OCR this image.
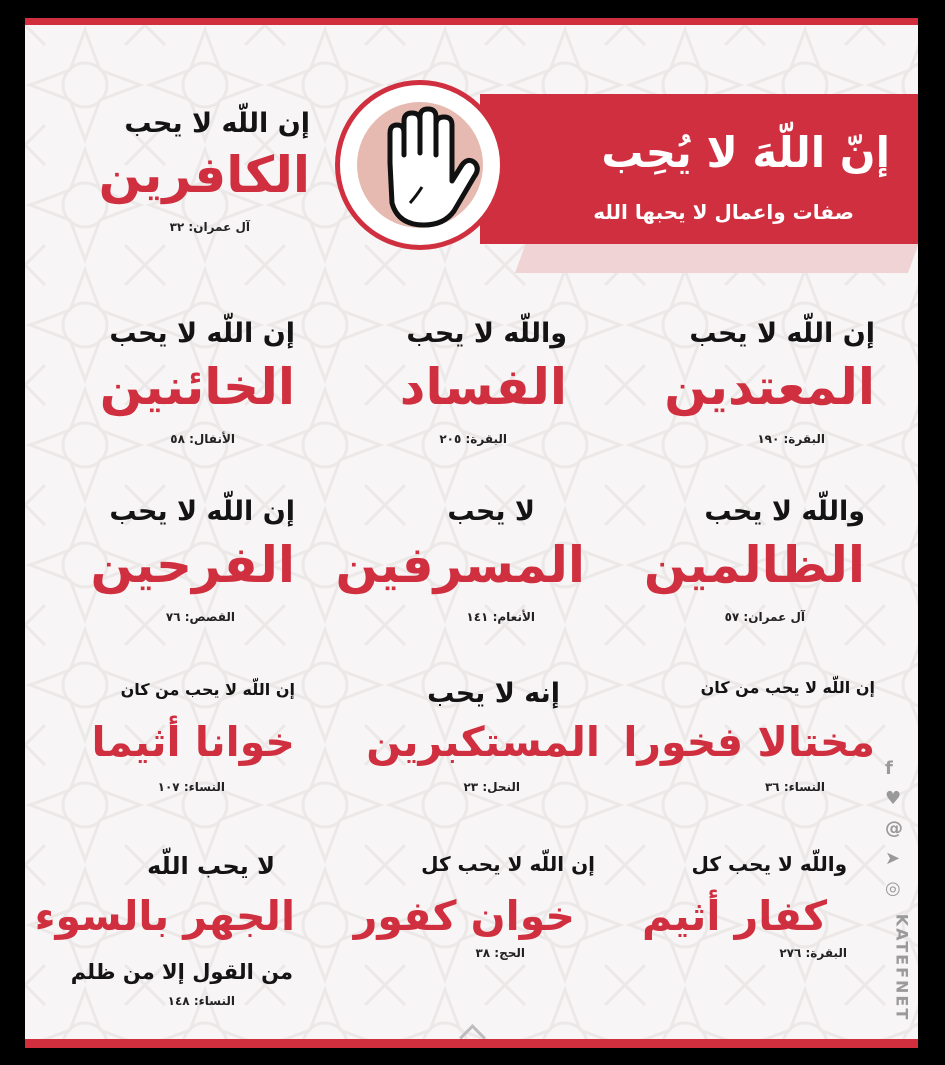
إنّ اللّهَ لا يُحِب
صفات واعمال لا يحبها الله
إن اللّه لا يحب
الكافرين
آل عمران: ٣٢
إن اللّه لا يحب
المعتدين
البقرة: ١٩٠
واللّه لا يحب
الفساد
البقرة: ٢٠٥
إن اللّه لا يحب
الخائنين
الأنفال: ٥٨
واللّه لا يحب
الظالمين
آل عمران: ٥٧
لا يحب
المسرفين
الأنعام: ١٤١
إن اللّه لا يحب
الفرحين
القصص: ٧٦
إن اللّه لا يحب من كان
مختالا فخورا
النساء: ٣٦
إنه لا يحب
المستكبرين
النحل: ٢٣
إن اللّه لا يحب من كان
خوانا أثيما
النساء: ١٠٧
واللّه لا يحب كل
كفار أثيم
البقرة: ٢٧٦
إن اللّه لا يحب كل
خوان كفور
الحج: ٣٨
لا يحب اللّه
الجهر بالسوء
من القول إلا من ظلم
النساء: ١٤٨
f
♥
@
➤
◎
KATEFNET
